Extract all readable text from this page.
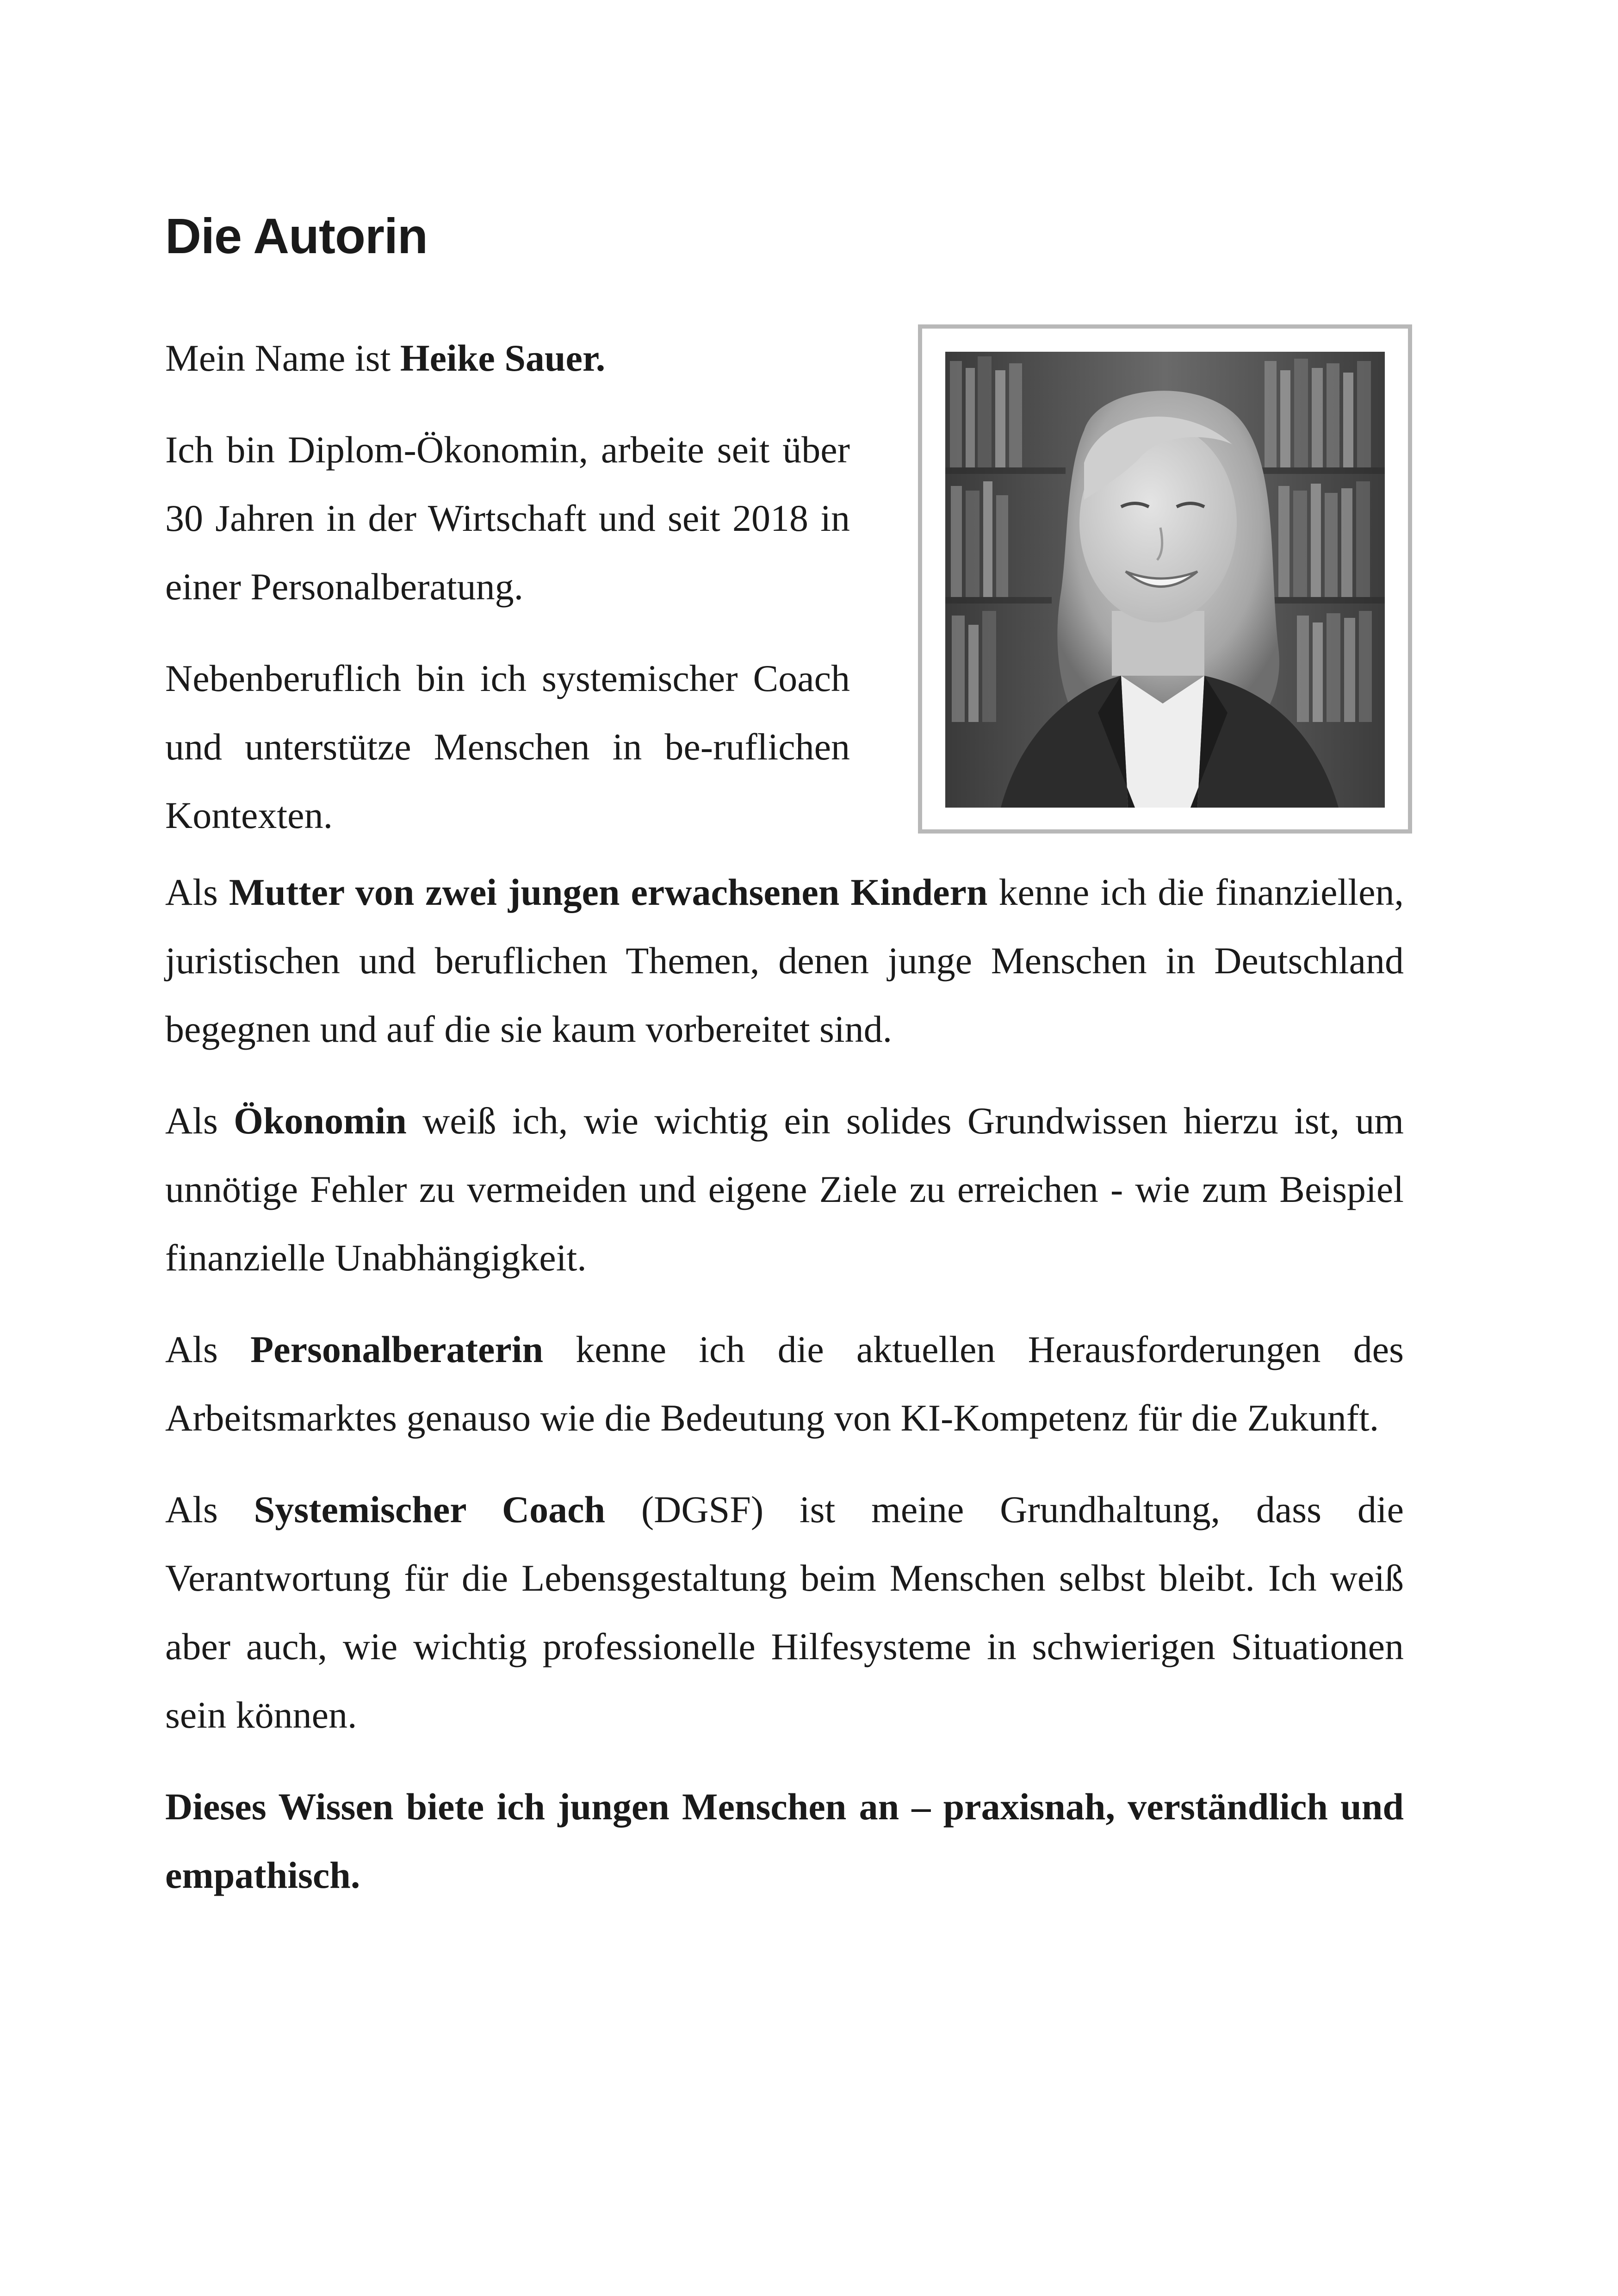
Die Autorin

Mein Name ist Heike Sauer.

Ich bin Diplom-Ökonomin, arbeite seit über 30 Jahren in der Wirtschaft und seit 2018 in einer Personalberatung.

Nebenberuflich bin ich systemischer Coach und unterstütze Menschen in be-ruflichen Kontexten.

Als Mutter von zwei jungen erwachsenen Kindern kenne ich die finanziellen, juristischen und beruflichen Themen, denen junge Menschen in Deutschland begegnen und auf die sie kaum vorbereitet sind.

Als Ökonomin weiß ich, wie wichtig ein solides Grundwissen hierzu ist, um unnötige Fehler zu vermeiden und eigene Ziele zu erreichen - wie zum Beispiel finanzielle Unabhängigkeit.

Als Personalberaterin kenne ich die aktuellen Herausforderungen des Arbeitsmarktes genauso wie die Bedeutung von KI-Kompetenz für die Zukunft.

Als Systemischer Coach (DGSF) ist meine Grundhaltung, dass die Verantwortung für die Lebensgestaltung beim Menschen selbst bleibt. Ich weiß aber auch, wie wichtig professionelle Hilfesysteme in schwierigen Situationen sein können.

Dieses Wissen biete ich jungen Menschen an – praxisnah, verständlich und empathisch.
